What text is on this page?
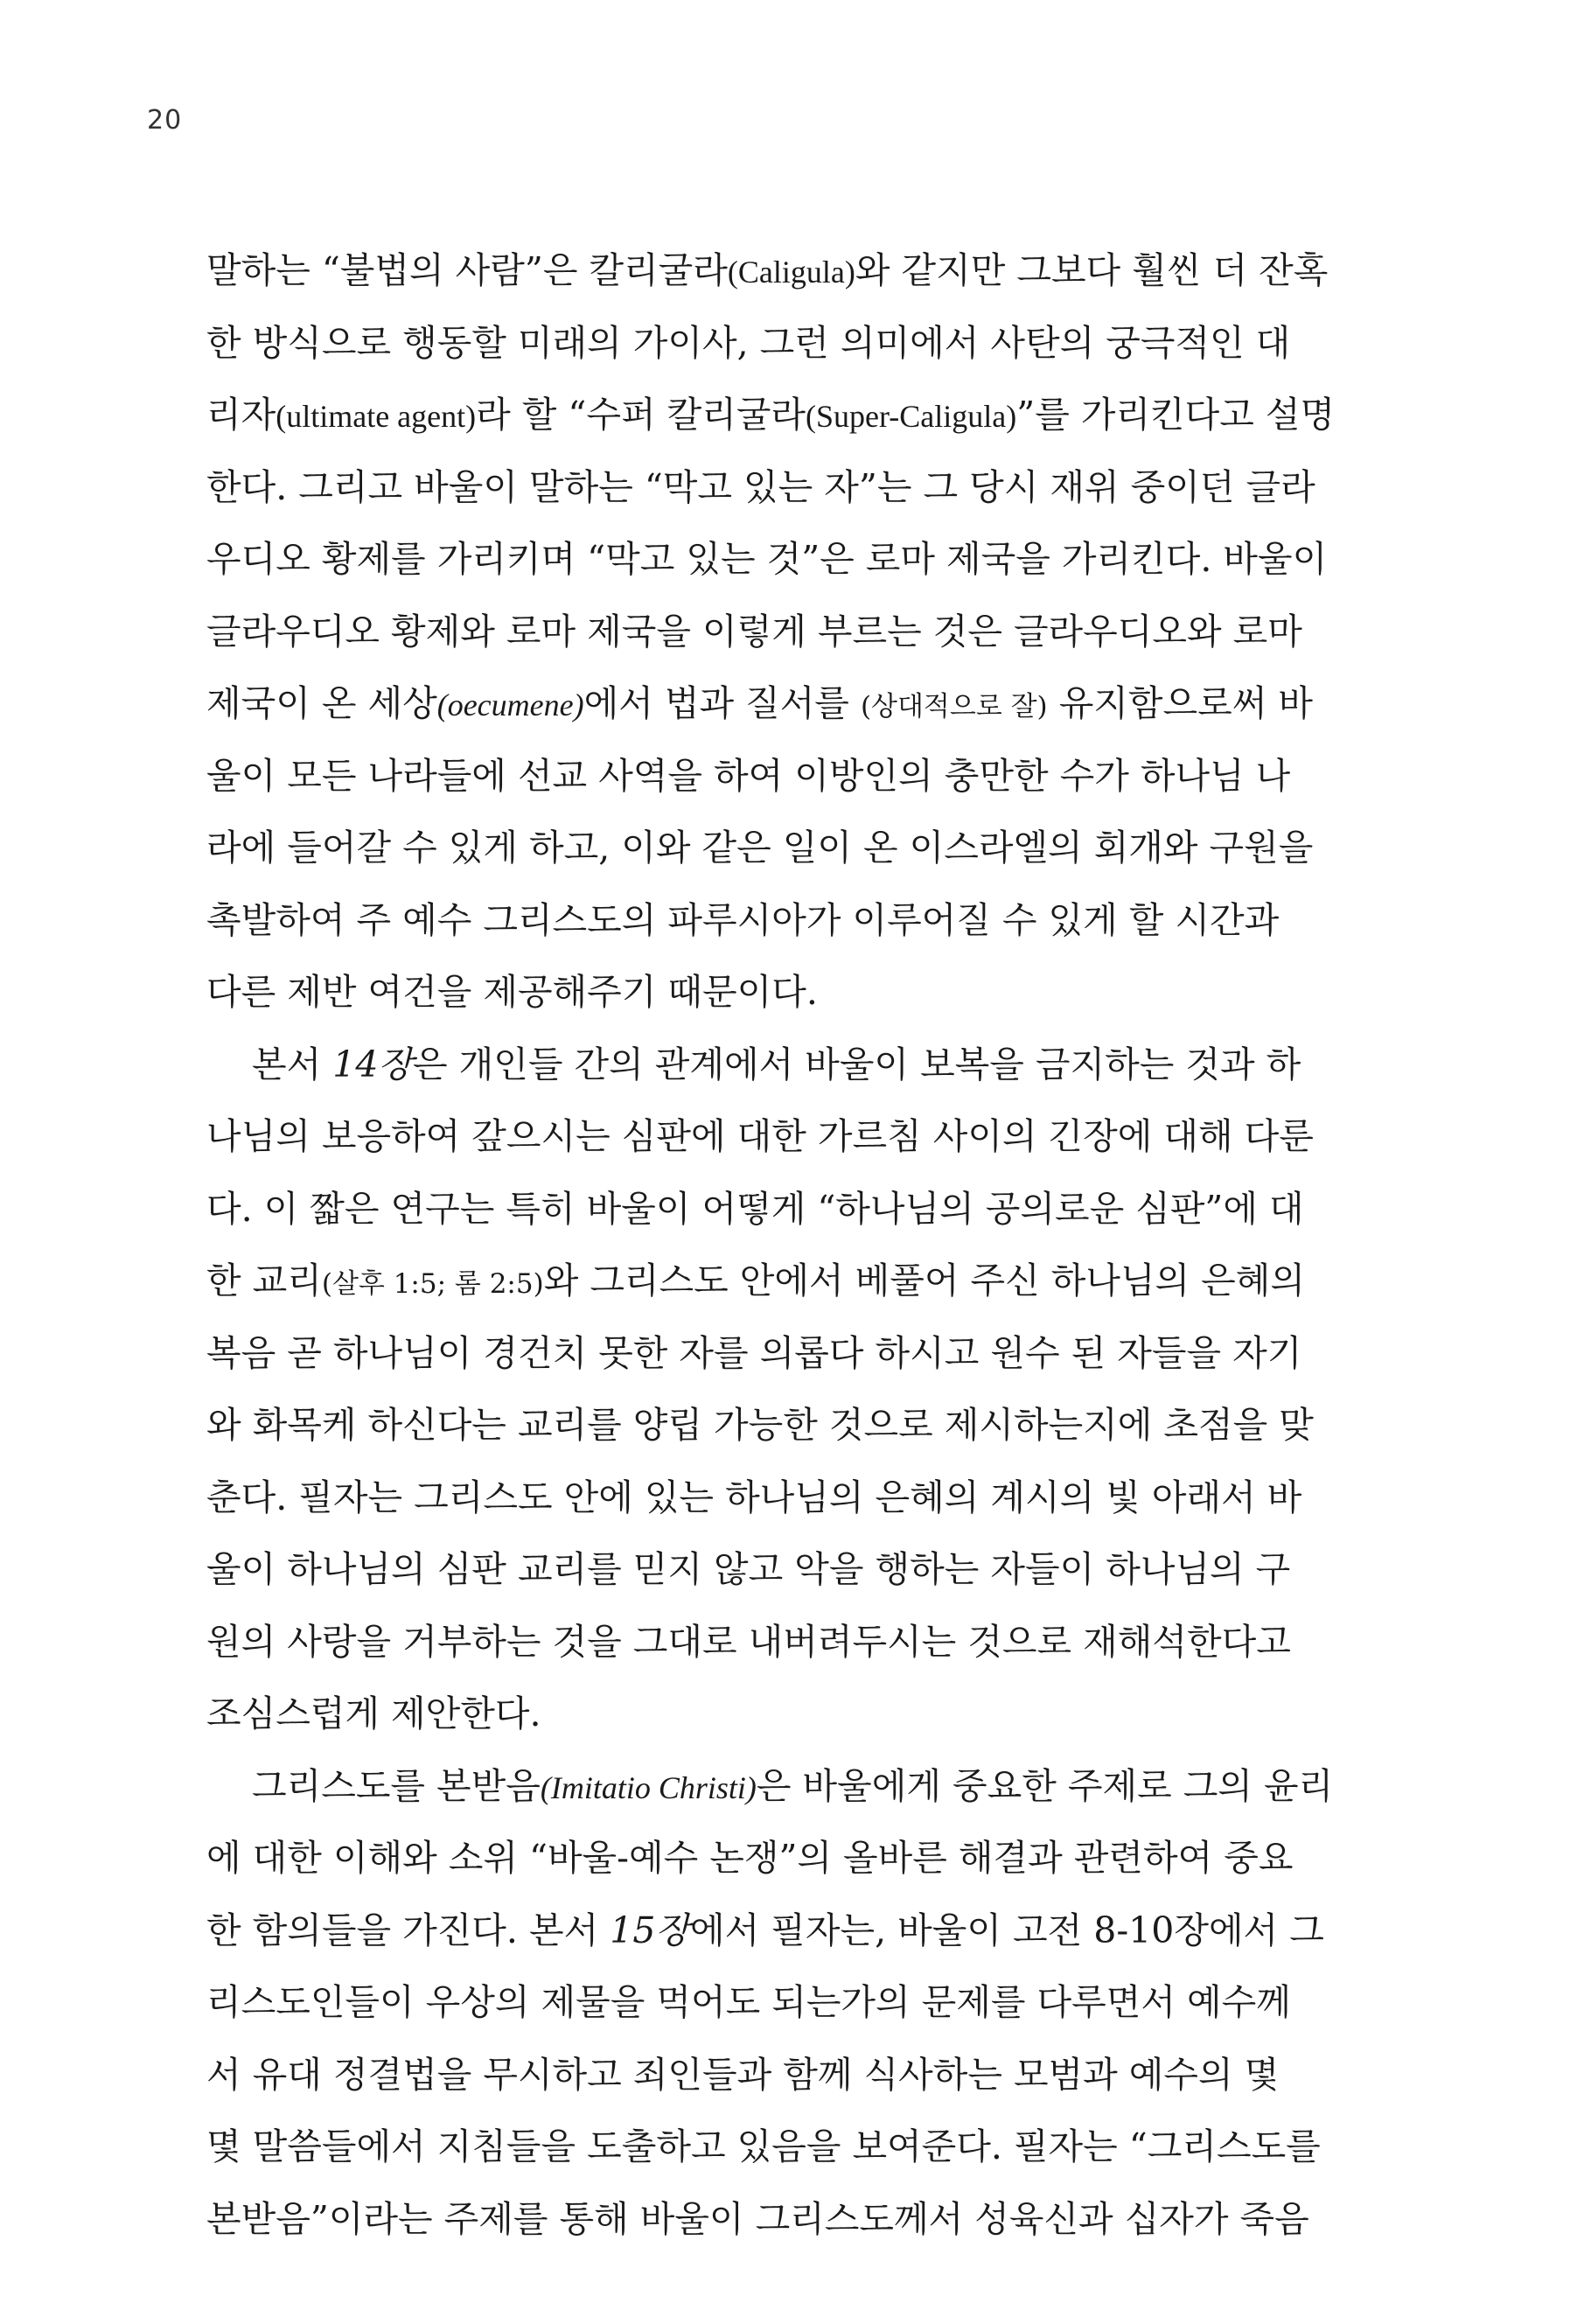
20
말하는 “불법의 사람”은 칼리굴라(Caligula)와 같지만 그보다 훨씬 더 잔혹
한 방식으로 행동할 미래의 가이사, 그런 의미에서 사탄의 궁극적인 대
리자(ultimate agent)라 할 “수퍼 칼리굴라(Super-Caligula)”를 가리킨다고 설명
한다. 그리고 바울이 말하는 “막고 있는 자”는 그 당시 재위 중이던 글라
우디오 황제를 가리키며 “막고 있는 것”은 로마 제국을 가리킨다. 바울이
글라우디오 황제와 로마 제국을 이렇게 부르는 것은 글라우디오와 로마
제국이 온 세상(oecumene)에서 법과 질서를 (상대적으로 잘) 유지함으로써 바
울이 모든 나라들에 선교 사역을 하여 이방인의 충만한 수가 하나님 나
라에 들어갈 수 있게 하고, 이와 같은 일이 온 이스라엘의 회개와 구원을
촉발하여 주 예수 그리스도의 파루시아가 이루어질 수 있게 할 시간과
다른 제반 여건을 제공해주기 때문이다.
본서 14장은 개인들 간의 관계에서 바울이 보복을 금지하는 것과 하
나님의 보응하여 갚으시는 심판에 대한 가르침 사이의 긴장에 대해 다룬
다. 이 짧은 연구는 특히 바울이 어떻게 “하나님의 공의로운 심판”에 대
한 교리(살후 1:5; 롬 2:5)와 그리스도 안에서 베풀어 주신 하나님의 은혜의
복음 곧 하나님이 경건치 못한 자를 의롭다 하시고 원수 된 자들을 자기
와 화목케 하신다는 교리를 양립 가능한 것으로 제시하는지에 초점을 맞
춘다. 필자는 그리스도 안에 있는 하나님의 은혜의 계시의 빛 아래서 바
울이 하나님의 심판 교리를 믿지 않고 악을 행하는 자들이 하나님의 구
원의 사랑을 거부하는 것을 그대로 내버려두시는 것으로 재해석한다고
조심스럽게 제안한다.
그리스도를 본받음(Imitatio Christi)은 바울에게 중요한 주제로 그의 윤리
에 대한 이해와 소위 “바울-예수 논쟁”의 올바른 해결과 관련하여 중요
한 함의들을 가진다. 본서 15장에서 필자는, 바울이 고전 8-10장에서 그
리스도인들이 우상의 제물을 먹어도 되는가의 문제를 다루면서 예수께
서 유대 정결법을 무시하고 죄인들과 함께 식사하는 모범과 예수의 몇
몇 말씀들에서 지침들을 도출하고 있음을 보여준다. 필자는 “그리스도를
본받음”이라는 주제를 통해 바울이 그리스도께서 성육신과 십자가 죽음
